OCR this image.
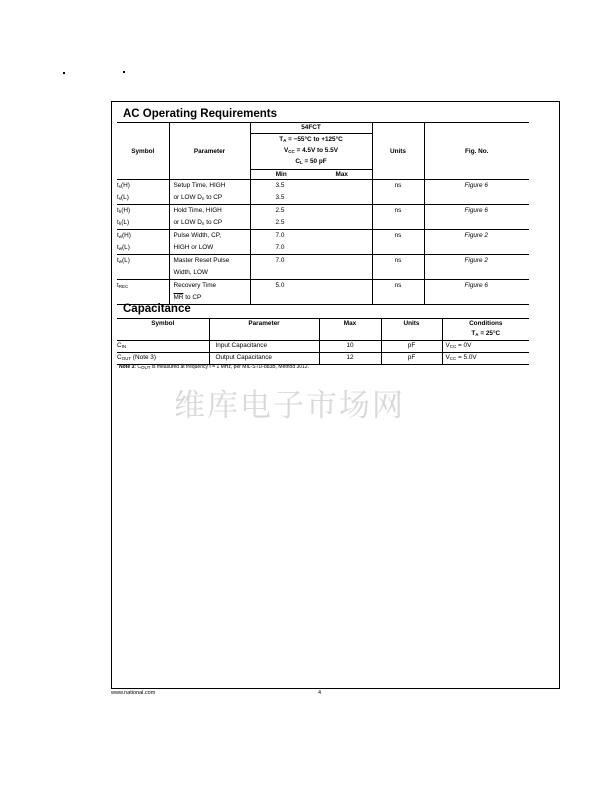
AC Operating Requirements
Symbol	Parameter	54FCT		Units	Fig. No.

		$T_A = -55^\circ C$ to +125°C
$V_{CC} = 4.5V$ to 5.5V
$C_L = 50$ pF			

		Min	Max		
$t_s(H)$	Setup Time, HIGH	3.5		ns	Figure 6
$t_s(L)$	or LOW $D_n$ to CP	3.5			
$t_h(H)$	Hold Time, HIGH	2.5		ns	Figure 6
$t_h(L)$	or LOW $D_n$ to CP	2.5			
$t_w(H)$	Pulse Width, CP,	7.0		ns	Figure 2
$t_w(L)$	HIGH or LOW	7.0			
$t_w(L)$	Master Reset Pulse	7.0		ns	Figure 2
	Width, LOW				
$t_{REC}$	Recovery Time	5.0		ns	Figure 6
	$\overline{MR}$ to CP				
Capacitance
Symbol	Parameter	Max	Units	Conditions
$T_A = 25^\circ C$

$C_{IN}$	Input Capacitance	10	pF	$V_{CC} = 0V$
$C_{OUT}$ (Note 3)	Output Capacitance	12	pF	$V_{CC} = 5.0V$
Note 3: COUT is measured at frequency f = 1 MHz, per MIL-STD-883B, Method 3012.
维库电子市场网
www.national.com	4
